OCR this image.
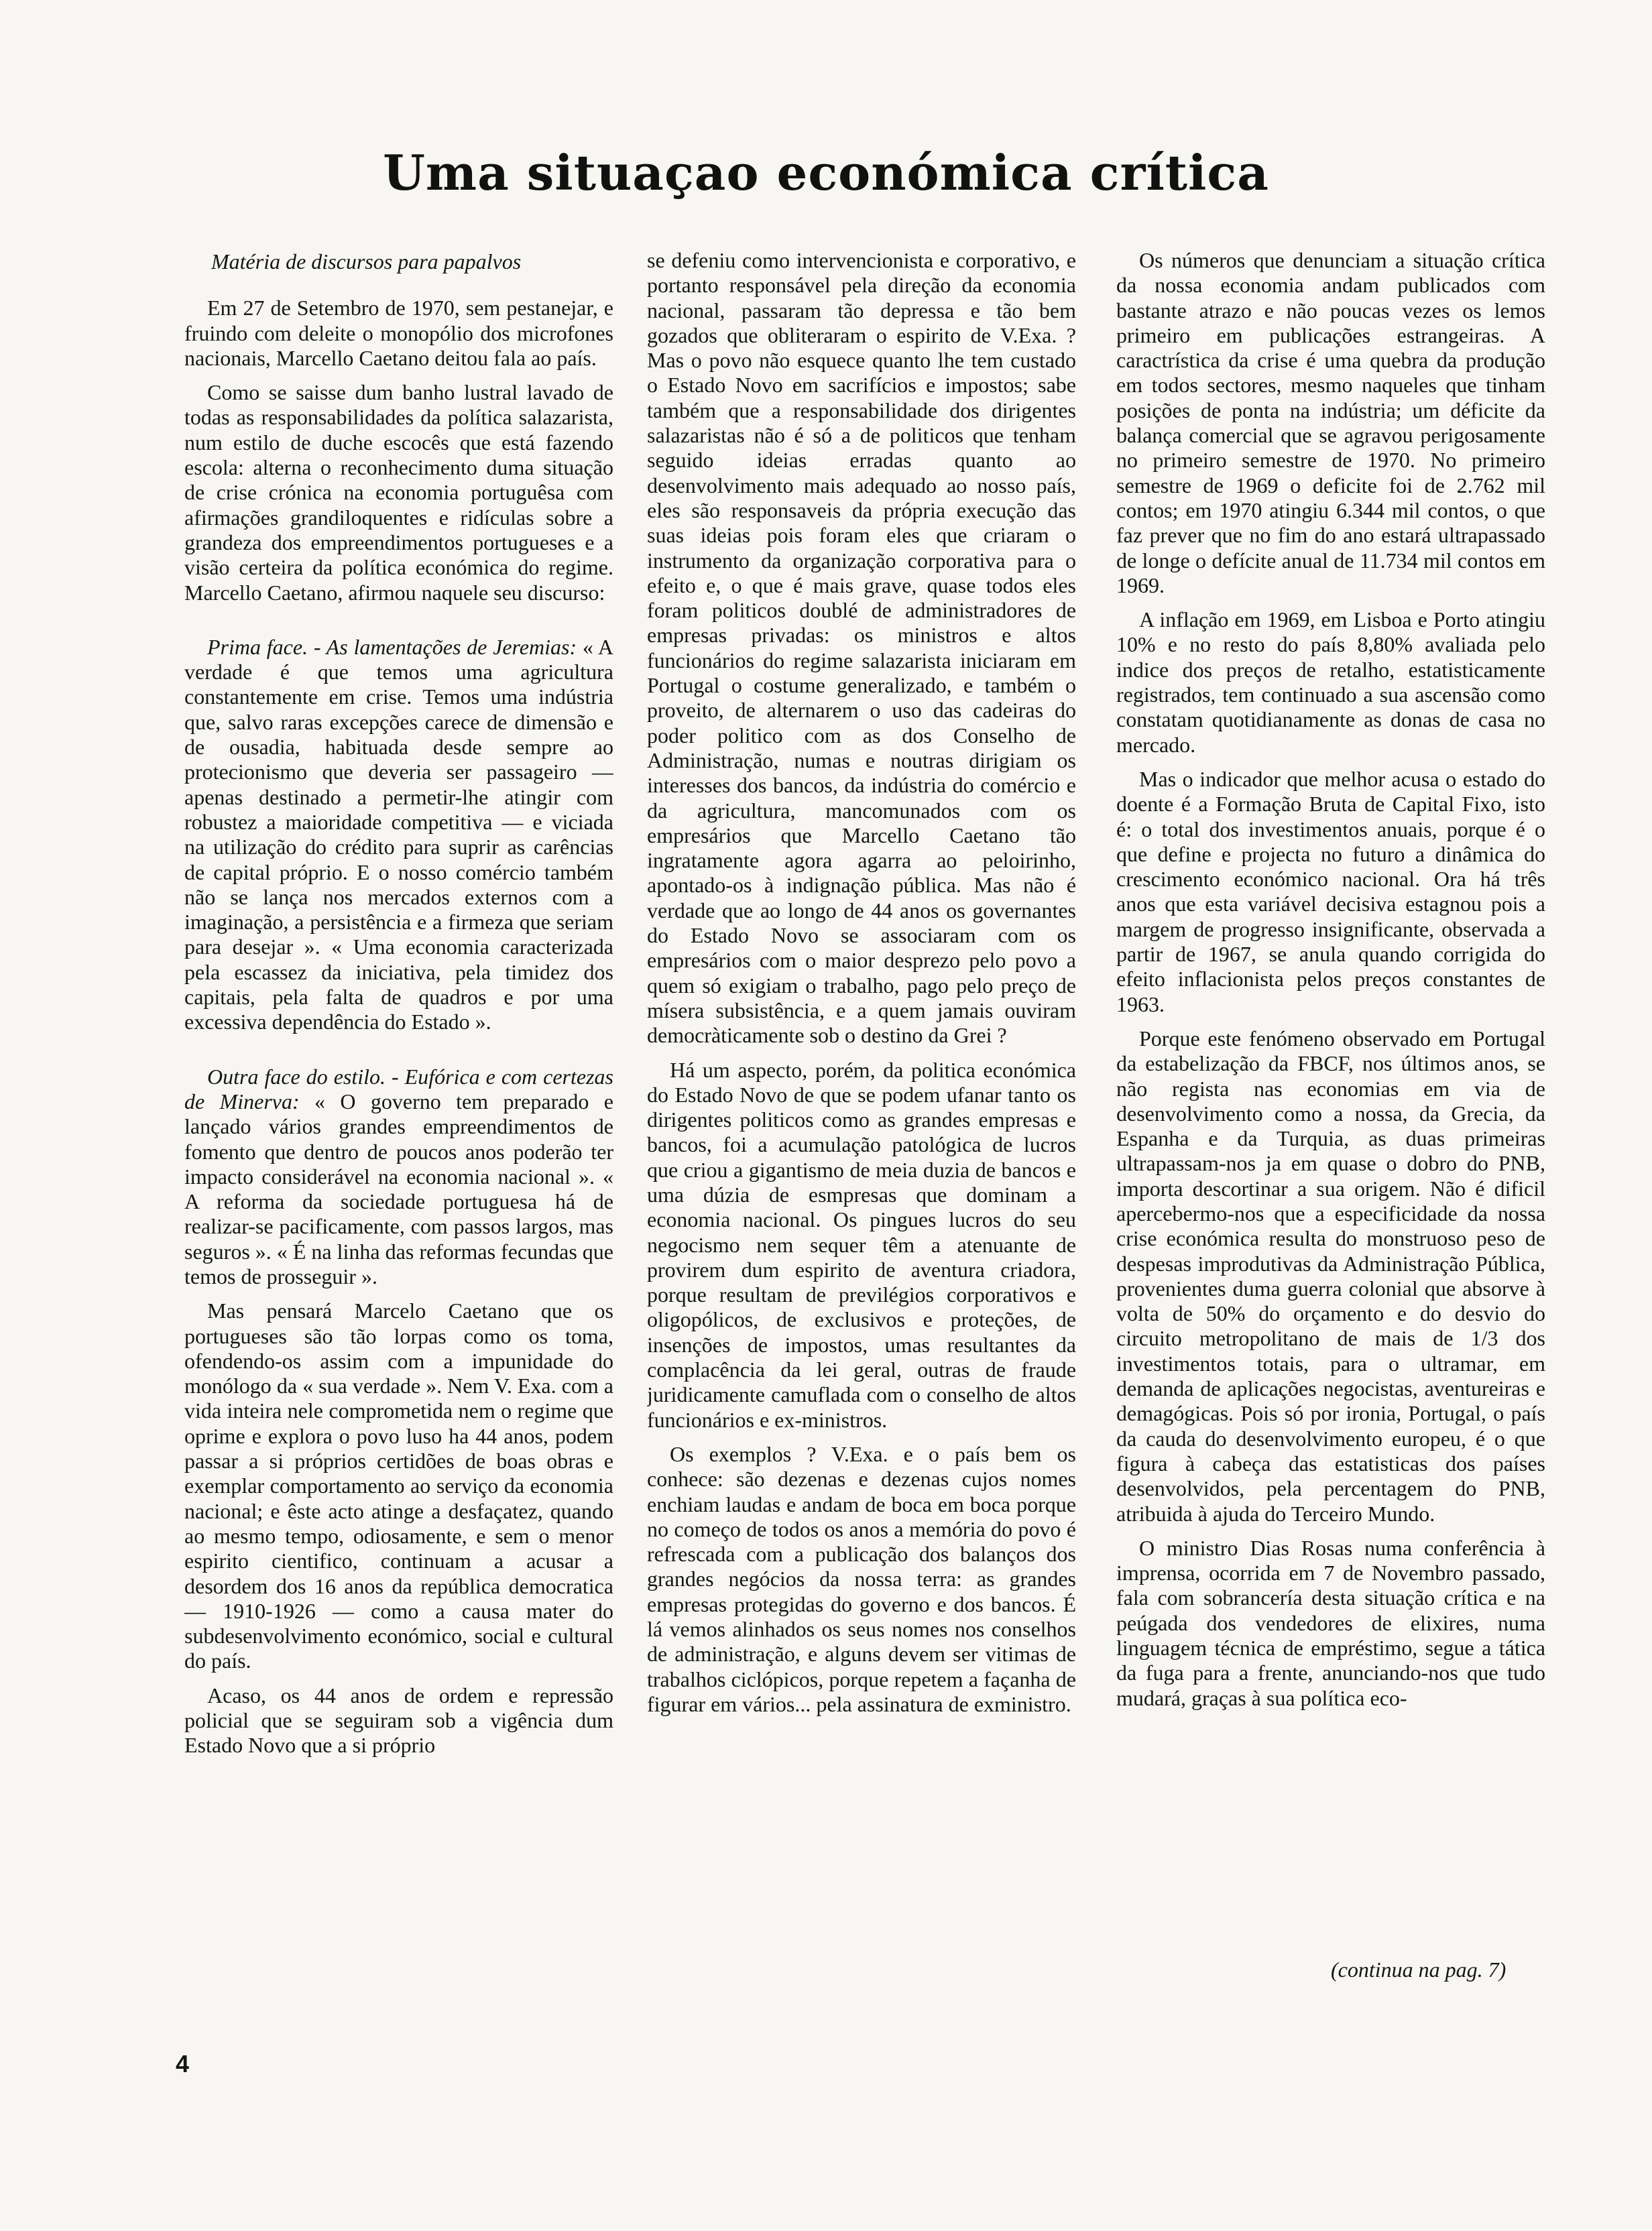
Uma situaçao económica crítica

Matéria de discursos para papalvos

Em 27 de Setembro de 1970, sem pestanejar, e fruindo com deleite o monopólio dos microfones nacionais, Marcello Caetano deitou fala ao país.

Como se saisse dum banho lustral lavado de todas as responsabilidades da política salazarista, num estilo de duche escocês que está fazendo escola: alterna o reconhecimento duma situação de crise crónica na economia portuguêsa com afirmações grandiloquentes e ridículas sobre a grandeza dos empreendimentos portugueses e a visão certeira da política económica do regime. Marcello Caetano, afirmou naquele seu discurso:

Prima face. - As lamentações de Jeremias: « A verdade é que temos uma agricultura constantemente em crise. Temos uma indústria que, salvo raras excepções carece de dimensão e de ousadia, habituada desde sempre ao protecionismo que deveria ser passageiro — apenas destinado a permetir-lhe atingir com robustez a maioridade competitiva — e viciada na utilização do crédito para suprir as carências de capital próprio. E o nosso comércio também não se lança nos mercados externos com a imaginação, a persistência e a firmeza que seriam para desejar ». « Uma economia caracterizada pela escassez da iniciativa, pela timidez dos capitais, pela falta de quadros e por uma excessiva dependência do Estado ».

Outra face do estilo. - Eufórica e com certezas de Minerva: « O governo tem preparado e lançado vários grandes empreendimentos de fomento que dentro de poucos anos poderão ter impacto considerável na economia nacional ». « A reforma da sociedade portuguesa há de realizar-se pacificamente, com passos largos, mas seguros ». « É na linha das reformas fecundas que temos de prosseguir ».

Mas pensará Marcelo Caetano que os portugueses são tão lorpas como os toma, ofendendo-os assim com a impunidade do monólogo da « sua verdade ». Nem V. Exa. com a vida inteira nele comprometida nem o regime que oprime e explora o povo luso ha 44 anos, podem passar a si próprios certidões de boas obras e exemplar comportamento ao serviço da economia nacional; e êste acto atinge a desfaçatez, quando ao mesmo tempo, odiosamente, e sem o menor espirito cientifico, continuam a acusar a desordem dos 16 anos da república democratica — 1910-1926 — como a causa mater do subdesenvolvimento económico, social e cultural do país.

Acaso, os 44 anos de ordem e repressão policial que se seguiram sob a vigência dum Estado Novo que a si próprio

se defeniu como intervencionista e corporativo, e portanto responsável pela direção da economia nacional, passaram tão depressa e tão bem gozados que obliteraram o espirito de V.Exa. ? Mas o povo não esquece quanto lhe tem custado o Estado Novo em sacrifícios e impostos; sabe também que a responsabilidade dos dirigentes salazaristas não é só a de politicos que tenham seguido ideias erradas quanto ao desenvolvimento mais adequado ao nosso país, eles são responsaveis da própria execução das suas ideias pois foram eles que criaram o instrumento da organização corporativa para o efeito e, o que é mais grave, quase todos eles foram politicos doublé de administradores de empresas privadas: os ministros e altos funcionários do regime salazarista iniciaram em Portugal o costume generalizado, e também o proveito, de alternarem o uso das cadeiras do poder politico com as dos Conselho de Administração, numas e noutras dirigiam os interesses dos bancos, da indústria do comércio e da agricultura, mancomunados com os empresários que Marcello Caetano tão ingratamente agora agarra ao peloirinho, apontado-os à indignação pública. Mas não é verdade que ao longo de 44 anos os governantes do Estado Novo se associaram com os empresários com o maior desprezo pelo povo a quem só exigiam o trabalho, pago pelo preço de mísera subsistência, e a quem jamais ouviram democràticamente sob o destino da Grei ?

Há um aspecto, porém, da politica económica do Estado Novo de que se podem ufanar tanto os dirigentes politicos como as grandes empresas e bancos, foi a acumulação patológica de lucros que criou a gigantismo de meia duzia de bancos e uma dúzia de esmpresas que dominam a economia nacional. Os pingues lucros do seu negocismo nem sequer têm a atenuante de provirem dum espirito de aventura criadora, porque resultam de previlégios corporativos e oligopólicos, de exclusivos e proteções, de insenções de impostos, umas resultantes da complacência da lei geral, outras de fraude juridicamente camuflada com o conselho de altos funcionários e ex-ministros.

Os exemplos ? V.Exa. e o país bem os conhece: são dezenas e dezenas cujos nomes enchiam laudas e andam de boca em boca porque no começo de todos os anos a memória do povo é refrescada com a publicação dos balanços dos grandes negócios da nossa terra: as grandes empresas protegidas do governo e dos bancos. É lá vemos alinhados os seus nomes nos conselhos de administração, e alguns devem ser vitimas de trabalhos ciclópicos, porque repetem a façanha de figurar em vários... pela assinatura de exministro.

Os números que denunciam a situação crítica da nossa economia andam publicados com bastante atrazo e não poucas vezes os lemos primeiro em publicações estrangeiras. A caractrística da crise é uma quebra da produção em todos sectores, mesmo naqueles que tinham posições de ponta na indústria; um déficite da balança comercial que se agravou perigosamente no primeiro semestre de 1970. No primeiro semestre de 1969 o deficite foi de 2.762 mil contos; em 1970 atingiu 6.344 mil contos, o que faz prever que no fim do ano estará ultrapassado de longe o defícite anual de 11.734 mil contos em 1969.

A inflação em 1969, em Lisboa e Porto atingiu 10% e no resto do país 8,80% avaliada pelo indice dos preços de retalho, estatisticamente registrados, tem continuado a sua ascensão como constatam quotidianamente as donas de casa no mercado.

Mas o indicador que melhor acusa o estado do doente é a Formação Bruta de Capital Fixo, isto é: o total dos investimentos anuais, porque é o que define e projecta no futuro a dinâmica do crescimento económico nacional. Ora há três anos que esta variável decisiva estagnou pois a margem de progresso insignificante, observada a partir de 1967, se anula quando corrigida do efeito inflacionista pelos preços constantes de 1963.

Porque este fenómeno observado em Portugal da estabelização da FBCF, nos últimos anos, se não regista nas economias em via de desenvolvimento como a nossa, da Grecia, da Espanha e da Turquia, as duas primeiras ultrapassam-nos ja em quase o dobro do PNB, importa descortinar a sua origem. Não é dificil apercebermo-nos que a especificidade da nossa crise económica resulta do monstruoso peso de despesas improdutivas da Administração Pública, provenientes duma guerra colonial que absorve à volta de 50% do orçamento e do desvio do circuito metropolitano de mais de 1/3 dos investimentos totais, para o ultramar, em demanda de aplicações negocistas, aventureiras e demagógicas. Pois só por ironia, Portugal, o país da cauda do desenvolvimento europeu, é o que figura à cabeça das estatisticas dos países desenvolvidos, pela percentagem do PNB, atribuida à ajuda do Terceiro Mundo.

O ministro Dias Rosas numa conferência à imprensa, ocorrida em 7 de Novembro passado, fala com sobrancería desta situação crítica e na peúgada dos vendedores de elixires, numa linguagem técnica de empréstimo, segue a tática da fuga para a frente, anunciando-nos que tudo mudará, graças à sua política eco-

(continua na pag. 7)

4
